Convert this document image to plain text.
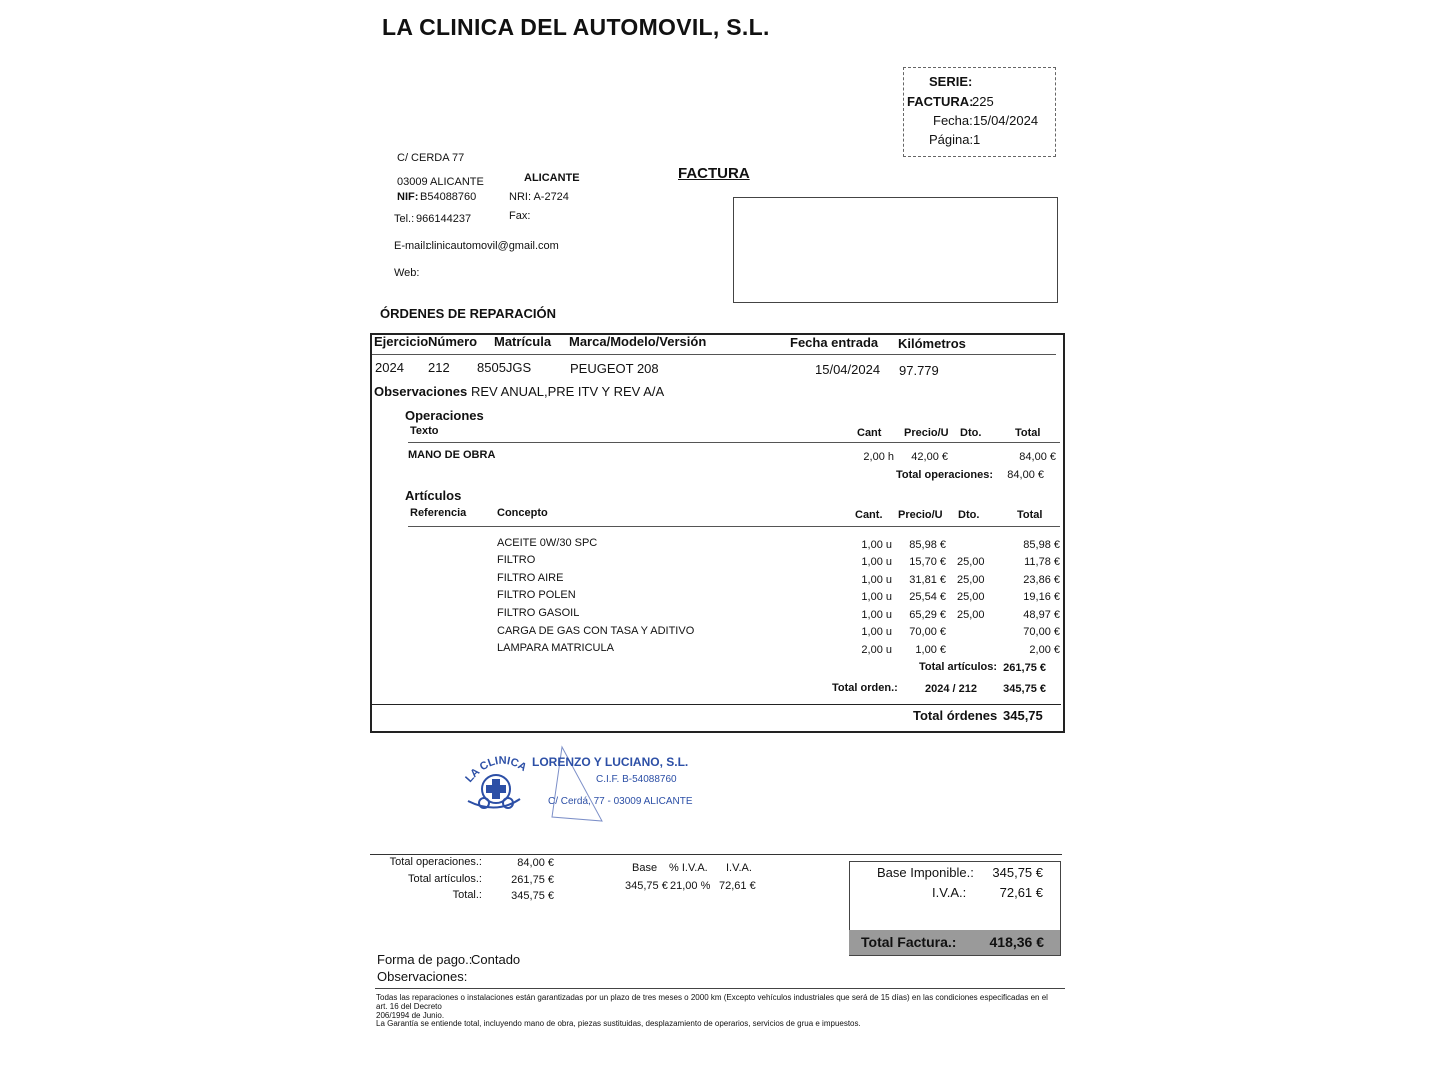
LA CLINICA DEL AUTOMOVIL, S.L.
SERIE:
FACTURA:
225
Fecha: 15/04/2024
Página: 1
C/ CERDA 77
03009 ALICANTE	ALICANTE
NIF: B54088760	NRI: A-2724
Tel.: 966144237	Fax:
E-mail:
clinicautomovil@gmail.com
Web:
FACTURA
ÓRDENES DE REPARACIÓN
Ejercicio Número Matrícula Marca/Modelo/Versión	Fecha entrada Kilómetros
2024 212 8505JGS	PEUGEOT 208	15/04/2024 97.779
Observaciones REV ANUAL,PRE ITV Y REV A/A
Operaciones
Texto	Cant Precio/U Dto.	Total
MANO DE OBRA	2,00 h	42,00 €	84,00 €
Total operaciones:	84,00 €
Artículos
Referencia	Concepto	Cant. Precio/U Dto.	Total
ACEITE 0W/30 SPC	1,00 u	85,98 €	85,98 €
FILTRO	1,00 u	15,70 € 25,00	11,78 €
FILTRO AIRE	1,00 u	31,81 € 25,00	23,86 €
FILTRO POLEN	1,00 u	25,54 € 25,00	19,16 €
FILTRO GASOIL	1,00 u	65,29 € 25,00	48,97 €
CARGA DE GAS CON TASA Y ADITIVO	1,00 u	70,00 €	70,00 €
LAMPARA MATRICULA	2,00 u	1,00 €	2,00 €
Total artículos: 261,75 €
Total orden.: 2024 / 212	345,75 €
Total órdenes 345,75
LA CLINICA LORENZO Y LUCIANO, S.L.
C.I.F. B-54088760
C/ Cerdá, 77 - 03009 ALICANTE
Total operaciones.:	84,00 €
Total artículos.:	261,75 €
Total.:	345,75 €
Base % I.V.A. I.V.A.
345,75 € 21,00 % 72,61 €
Base Imponible.:	345,75 €
I.V.A.:	72,61 €
Total Factura.:	418,36 €
Forma de pago.:
Contado
Observaciones:
Todas las reparaciones o instalaciones están garantizadas por un plazo de tres meses o 2000 km (Excepto vehículos industriales que será de 15 días) en las condiciones especificadas en el art. 16 del Decreto
206/1994 de Junio.
La Garantía se entiende total, incluyendo mano de obra, piezas sustituidas, desplazamiento de operarios, servicios de grua e impuestos.
